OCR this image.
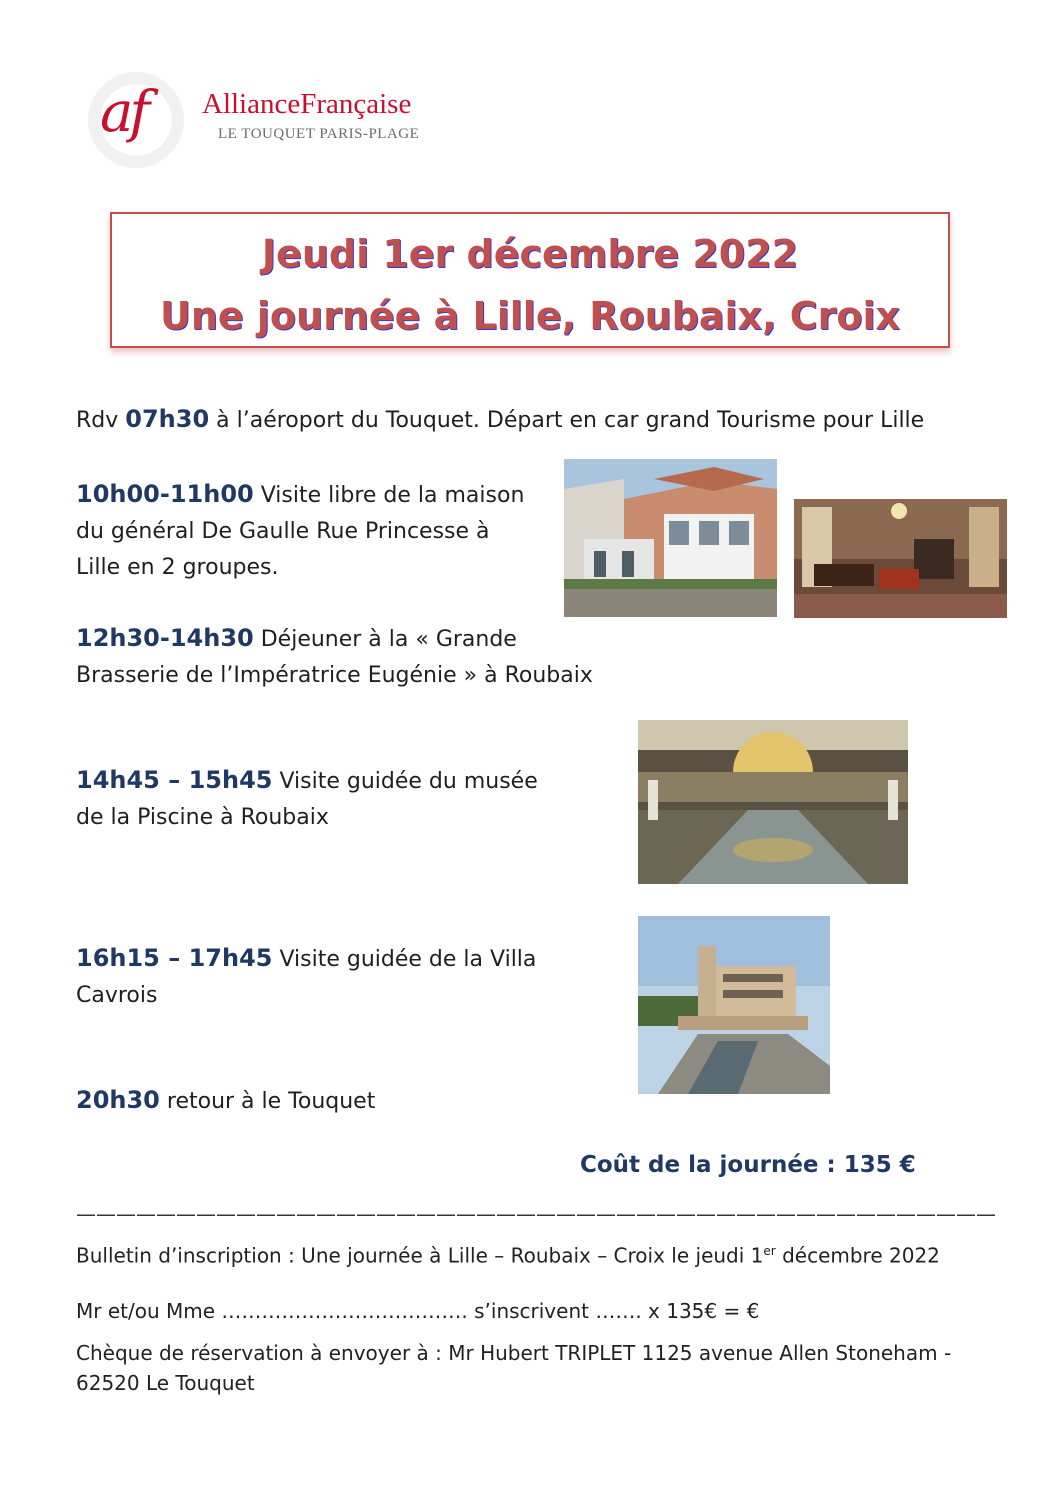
af AllianceFrançaise
LE TOUQUET PARIS-PLAGE
Jeudi 1er décembre 2022
Une journée à Lille, Roubaix, Croix
Rdv 07h30 à l’aéroport du Touquet. Départ en car grand Tourisme pour Lille
10h00-11h00 Visite libre de la maison
du général De Gaulle Rue Princesse à
Lille en 2 groupes.
12h30-14h30 Déjeuner à la « Grande
Brasserie de l’Impératrice Eugénie » à Roubaix
14h45 – 15h45 Visite guidée du musée
de la Piscine à Roubaix
16h15 – 17h45 Visite guidée de la Villa
Cavrois
20h30 retour à le Touquet
Coût de la journée : 135 €
——————————————————————————————————————————————
Bulletin d’inscription : Une journée à Lille – Roubaix – Croix le jeudi 1er décembre 2022
Mr et/ou Mme ………………………………. s’inscrivent ……. x 135€ = €
Chèque de réservation à envoyer à : Mr Hubert TRIPLET 1125 avenue Allen Stoneham -
62520 Le Touquet
